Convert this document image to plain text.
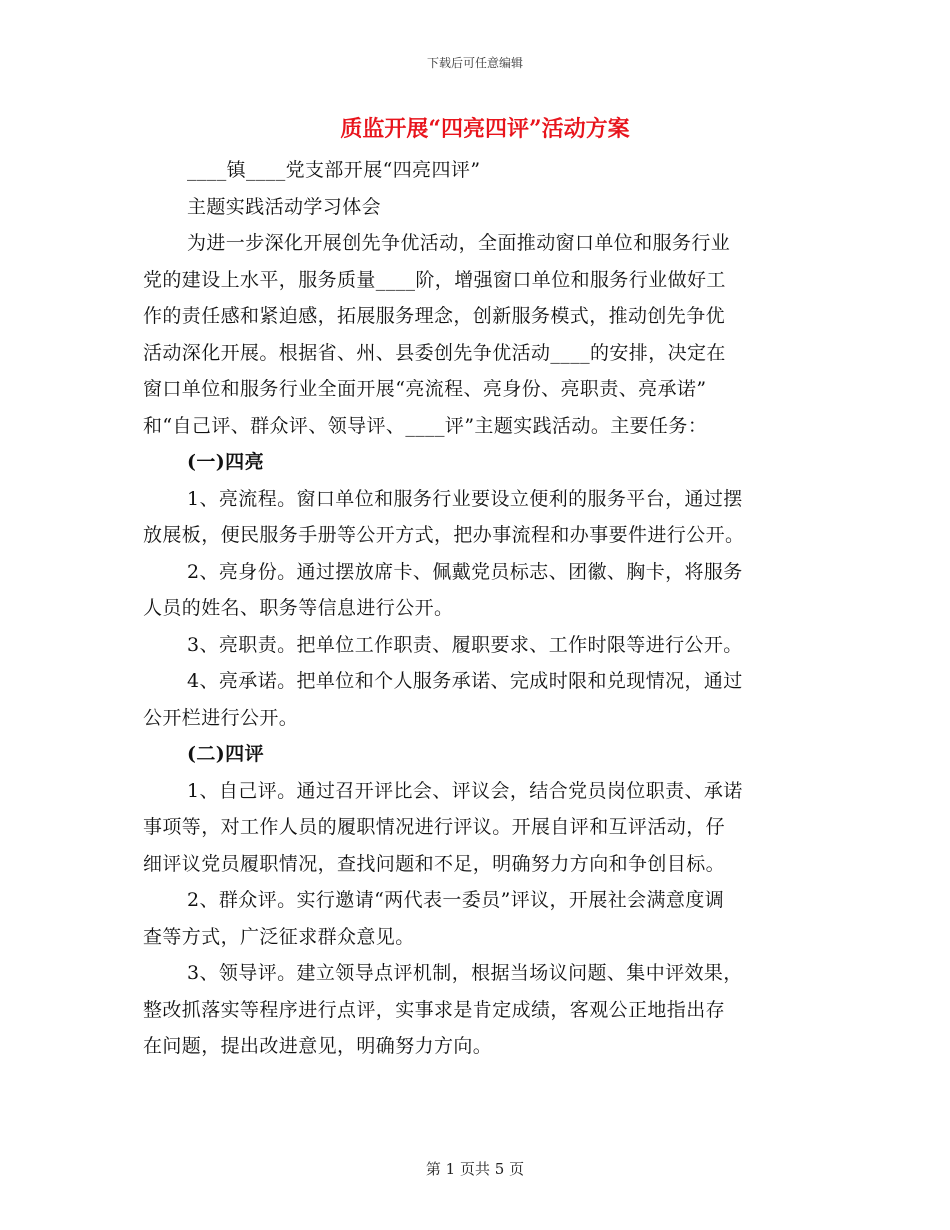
下载后可任意编辑
质监开展“四亮四评”活动方案
____镇____党支部开展“四亮四评”
主题实践活动学习体会
为进一步深化开展创先争优活动，全面推动窗口单位和服务行业
党的建设上水平，服务质量____阶，增强窗口单位和服务行业做好工
作的责任感和紧迫感，拓展服务理念，创新服务模式，推动创先争优
活动深化开展。根据省、州、县委创先争优活动____的安排，决定在
窗口单位和服务行业全面开展“亮流程、亮身份、亮职责、亮承诺”
和“自己评、群众评、领导评、____评”主题实践活动。主要任务：
(一)四亮
1、亮流程。窗口单位和服务行业要设立便利的服务平台，通过摆
放展板，便民服务手册等公开方式，把办事流程和办事要件进行公开。
2、亮身份。通过摆放席卡、佩戴党员标志、团徽、胸卡，将服务
人员的姓名、职务等信息进行公开。
3、亮职责。把单位工作职责、履职要求、工作时限等进行公开。
4、亮承诺。把单位和个人服务承诺、完成时限和兑现情况，通过
公开栏进行公开。
(二)四评
1、自己评。通过召开评比会、评议会，结合党员岗位职责、承诺
事项等，对工作人员的履职情况进行评议。开展自评和互评活动，仔
细评议党员履职情况，查找问题和不足，明确努力方向和争创目标。
2、群众评。实行邀请“两代表一委员”评议，开展社会满意度调
查等方式，广泛征求群众意见。
3、领导评。建立领导点评机制，根据当场议问题、集中评效果，
整改抓落实等程序进行点评，实事求是肯定成绩，客观公正地指出存
在问题，提出改进意见，明确努力方向。
第 1 页共 5 页
